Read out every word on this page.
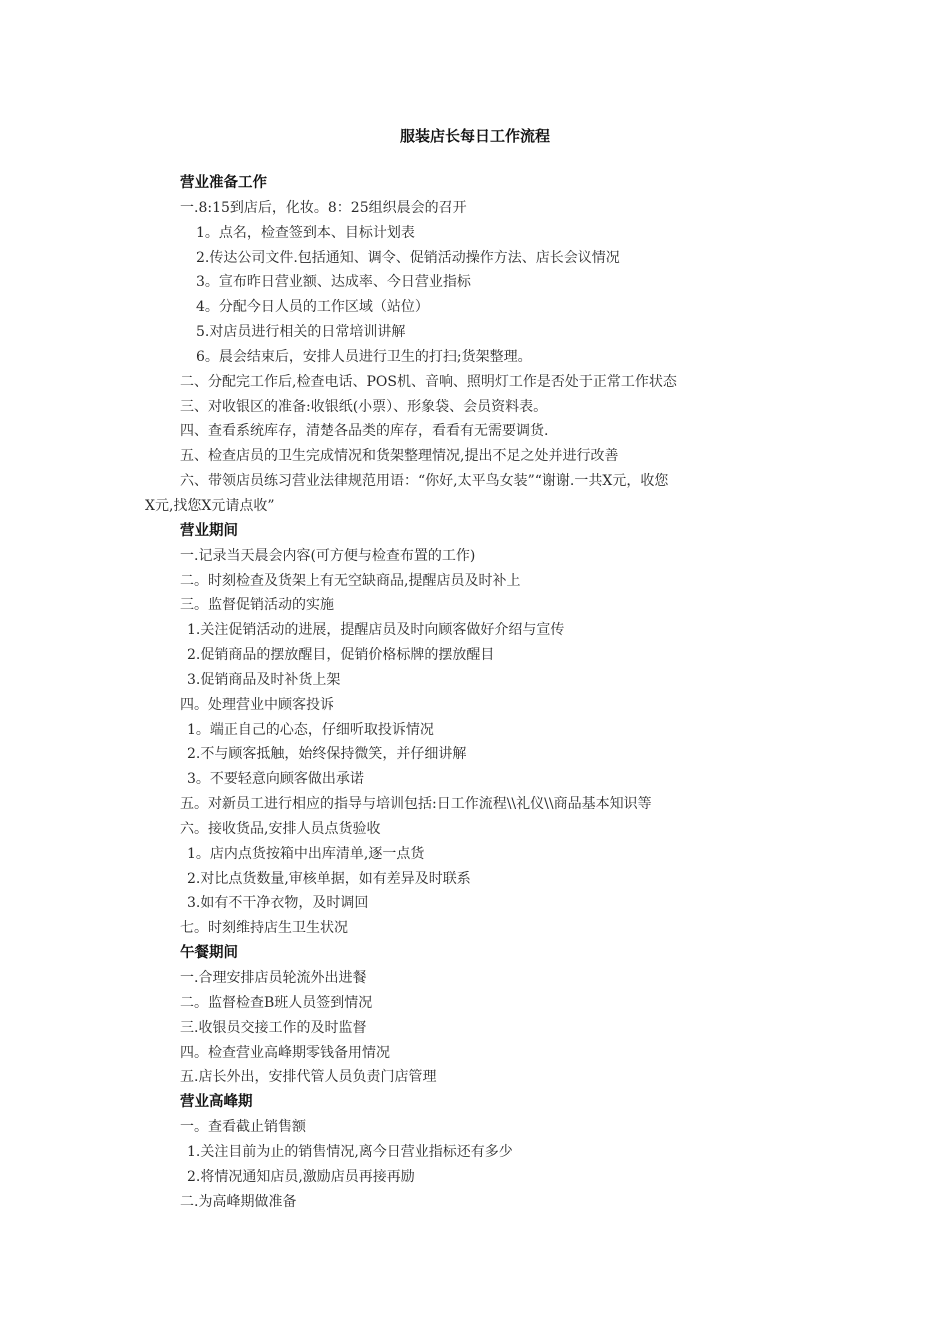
服装店长每日工作流程
营业准备工作
一.8:15到店后，化妆。8：25组织晨会的召开
1。点名，检查签到本、目标计划表
2.传达公司文件.包括通知、调令、促销活动操作方法、店长会议情况
3。宣布昨日营业额、达成率、今日营业指标
4。分配今日人员的工作区域（站位）
5.对店员进行相关的日常培训讲解
6。晨会结束后，安排人员进行卫生的打扫;货架整理。
二、分配完工作后,检查电话、POS机、音响、照明灯工作是否处于正常工作状态
三、对收银区的准备:收银纸(小票）、形象袋、会员资料表。
四、查看系统库存，清楚各品类的库存，看看有无需要调货.
五、检查店员的卫生完成情况和货架整理情况,提出不足之处并进行改善
六、带领店员练习营业法律规范用语：“你好,太平鸟女装”“谢谢.一共X元，收您
X元,找您X元请点收”
营业期间
一.记录当天晨会内容(可方便与检查布置的工作)
二。时刻检查及货架上有无空缺商品,提醒店员及时补上
三。监督促销活动的实施
1.关注促销活动的进展，提醒店员及时向顾客做好介绍与宣传
2.促销商品的摆放醒目，促销价格标牌的摆放醒目
3.促销商品及时补货上架
四。处理营业中顾客投诉
1。端正自己的心态，仔细听取投诉情况
2.不与顾客抵触，始终保持微笑，并仔细讲解
3。不要轻意向顾客做出承诺
五。对新员工进行相应的指导与培训包括:日工作流程\\礼仪\\商品基本知识等
六。接收货品,安排人员点货验收
1。店内点货按箱中出库清单,逐一点货
2.对比点货数量,审核单据，如有差异及时联系
3.如有不干净衣物，及时调回
七。时刻维持店生卫生状况
午餐期间
一.合理安排店员轮流外出进餐
二。监督检查B班人员签到情况
三.收银员交接工作的及时监督
四。检查营业高峰期零钱备用情况
五.店长外出，安排代管人员负责门店管理
营业高峰期
一。查看截止销售额
1.关注目前为止的销售情况,离今日营业指标还有多少
2.将情况通知店员,激励店员再接再励
二.为高峰期做准备
